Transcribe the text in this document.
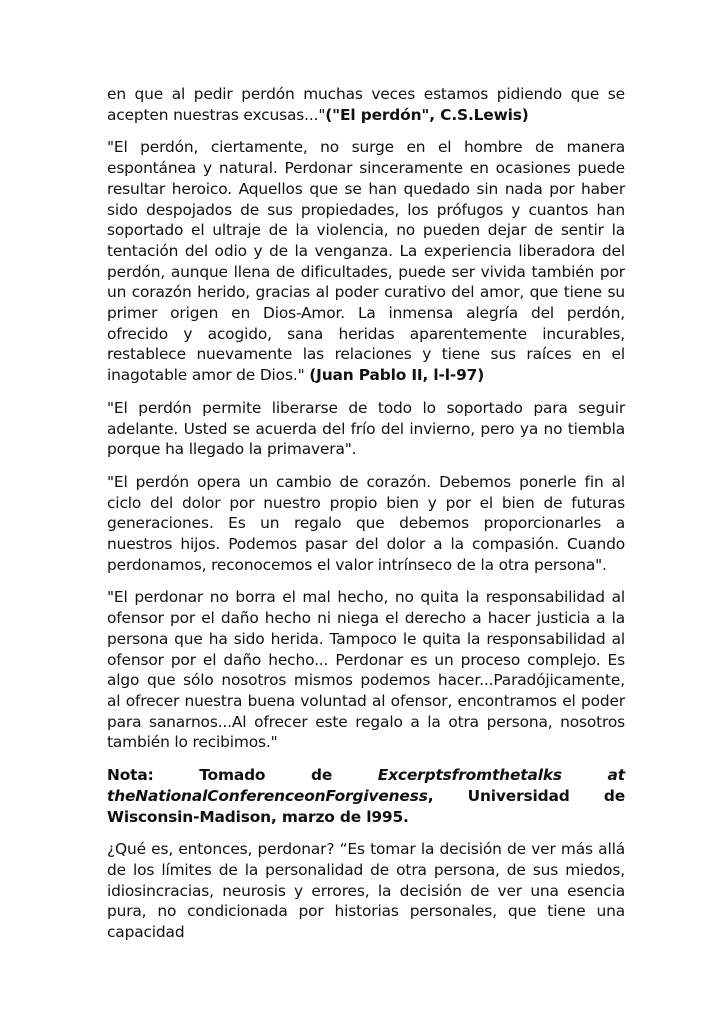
en que al pedir perdón muchas veces estamos pidiendo que se acepten nuestras excusas..."("El perdón", C.S.Lewis)

"El perdón, ciertamente, no surge en el hombre de manera espontánea y natural. Perdonar sinceramente en ocasiones puede resultar heroico. Aquellos que se han quedado sin nada por haber sido despojados de sus propiedades, los prófugos y cuantos han soportado el ultraje de la violencia, no pueden dejar de sentir la tentación del odio y de la venganza. La experiencia liberadora del perdón, aunque llena de dificultades, puede ser vivida también por un corazón herido, gracias al poder curativo del amor, que tiene su primer origen en Dios-Amor. La inmensa alegría del perdón, ofrecido y acogido, sana heridas aparentemente incurables, restablece nuevamente las relaciones y tiene sus raíces en el inagotable amor de Dios." (Juan Pablo II, l-l-97)

"El perdón permite liberarse de todo lo soportado para seguir adelante. Usted se acuerda del frío del invierno, pero ya no tiembla porque ha llegado la primavera".

"El perdón opera un cambio de corazón. Debemos ponerle fin al ciclo del dolor por nuestro propio bien y por el bien de futuras generaciones. Es un regalo que debemos proporcionarles a nuestros hijos. Podemos pasar del dolor a la compasión. Cuando perdonamos, reconocemos el valor intrínseco de la otra persona".

"El perdonar no borra el mal hecho, no quita la responsabilidad al ofensor por el daño hecho ni niega el derecho a hacer justicia a la persona que ha sido herida. Tampoco le quita la responsabilidad al ofensor por el daño hecho... Perdonar es un proceso complejo. Es algo que sólo nosotros mismos podemos hacer...Paradójicamente, al ofrecer nuestra buena voluntad al ofensor, encontramos el poder para sanarnos...Al ofrecer este regalo a la otra persona, nosotros también lo recibimos."

Nota: Tomado de Excerptsfromthetalks at theNationalConferenceonForgiveness, Universidad de Wisconsin-Madison, marzo de l995.

¿Qué es, entonces, perdonar? “Es tomar la decisión de ver más allá de los límites de la personalidad de otra persona, de sus miedos, idiosincracias, neurosis y errores, la decisión de ver una esencia pura, no condicionada por historias personales, que tiene una capacidad
